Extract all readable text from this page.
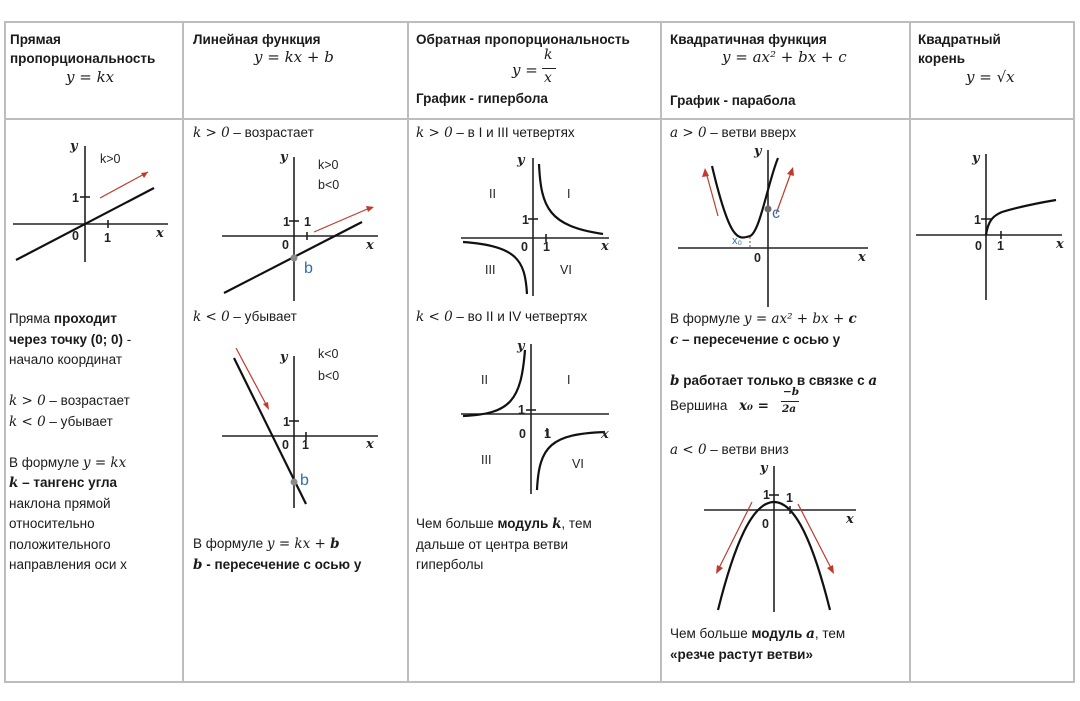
Прямая пропорциональность
y = kx
Линейная функция
y = kx + b
Обратная пропорциональность
y =
k
x
График - гипербола
Квадратичная функция
y = ax² + bx + c
График - парабола
Квадратный корень
y = √x
y
x
k>0
1
1
0
Пряма проходит
через точку (0; 0) -
начало координат
k > 0 – возрастает
k < 0 – убывает
В формуле y = kx
k – тангенс угла
наклона прямой
относительно
положительного
направления оси x
k > 0 – возрастает
y
x
k>0
b<0
1 1
0
b
k < 0 – убывает
y
x
k<0
b<0
1
1
0
b
В формуле y = kx + b
b - пересечение с осью у
k > 0 – в I и III четвертях
y
x
II	I
III	VI
1
1
0
k < 0 – во II и IV четвертях
y
x
II	I
III	VI
1
1
0
Чем больше модуль k, тем
дальше от центра ветви
гиперболы
a > 0 – ветви вверх
y
x
c
x₀
0
В формуле y = ax² + bx + c
c – пересечение с осью y
b работает только в связке с a
Вершина x₀ =
−b
2a
a < 0 – ветви вниз
y
x
1 1
0
Чем больше модуль a, тем
«резче растут ветви»
y
x
1
1
0
